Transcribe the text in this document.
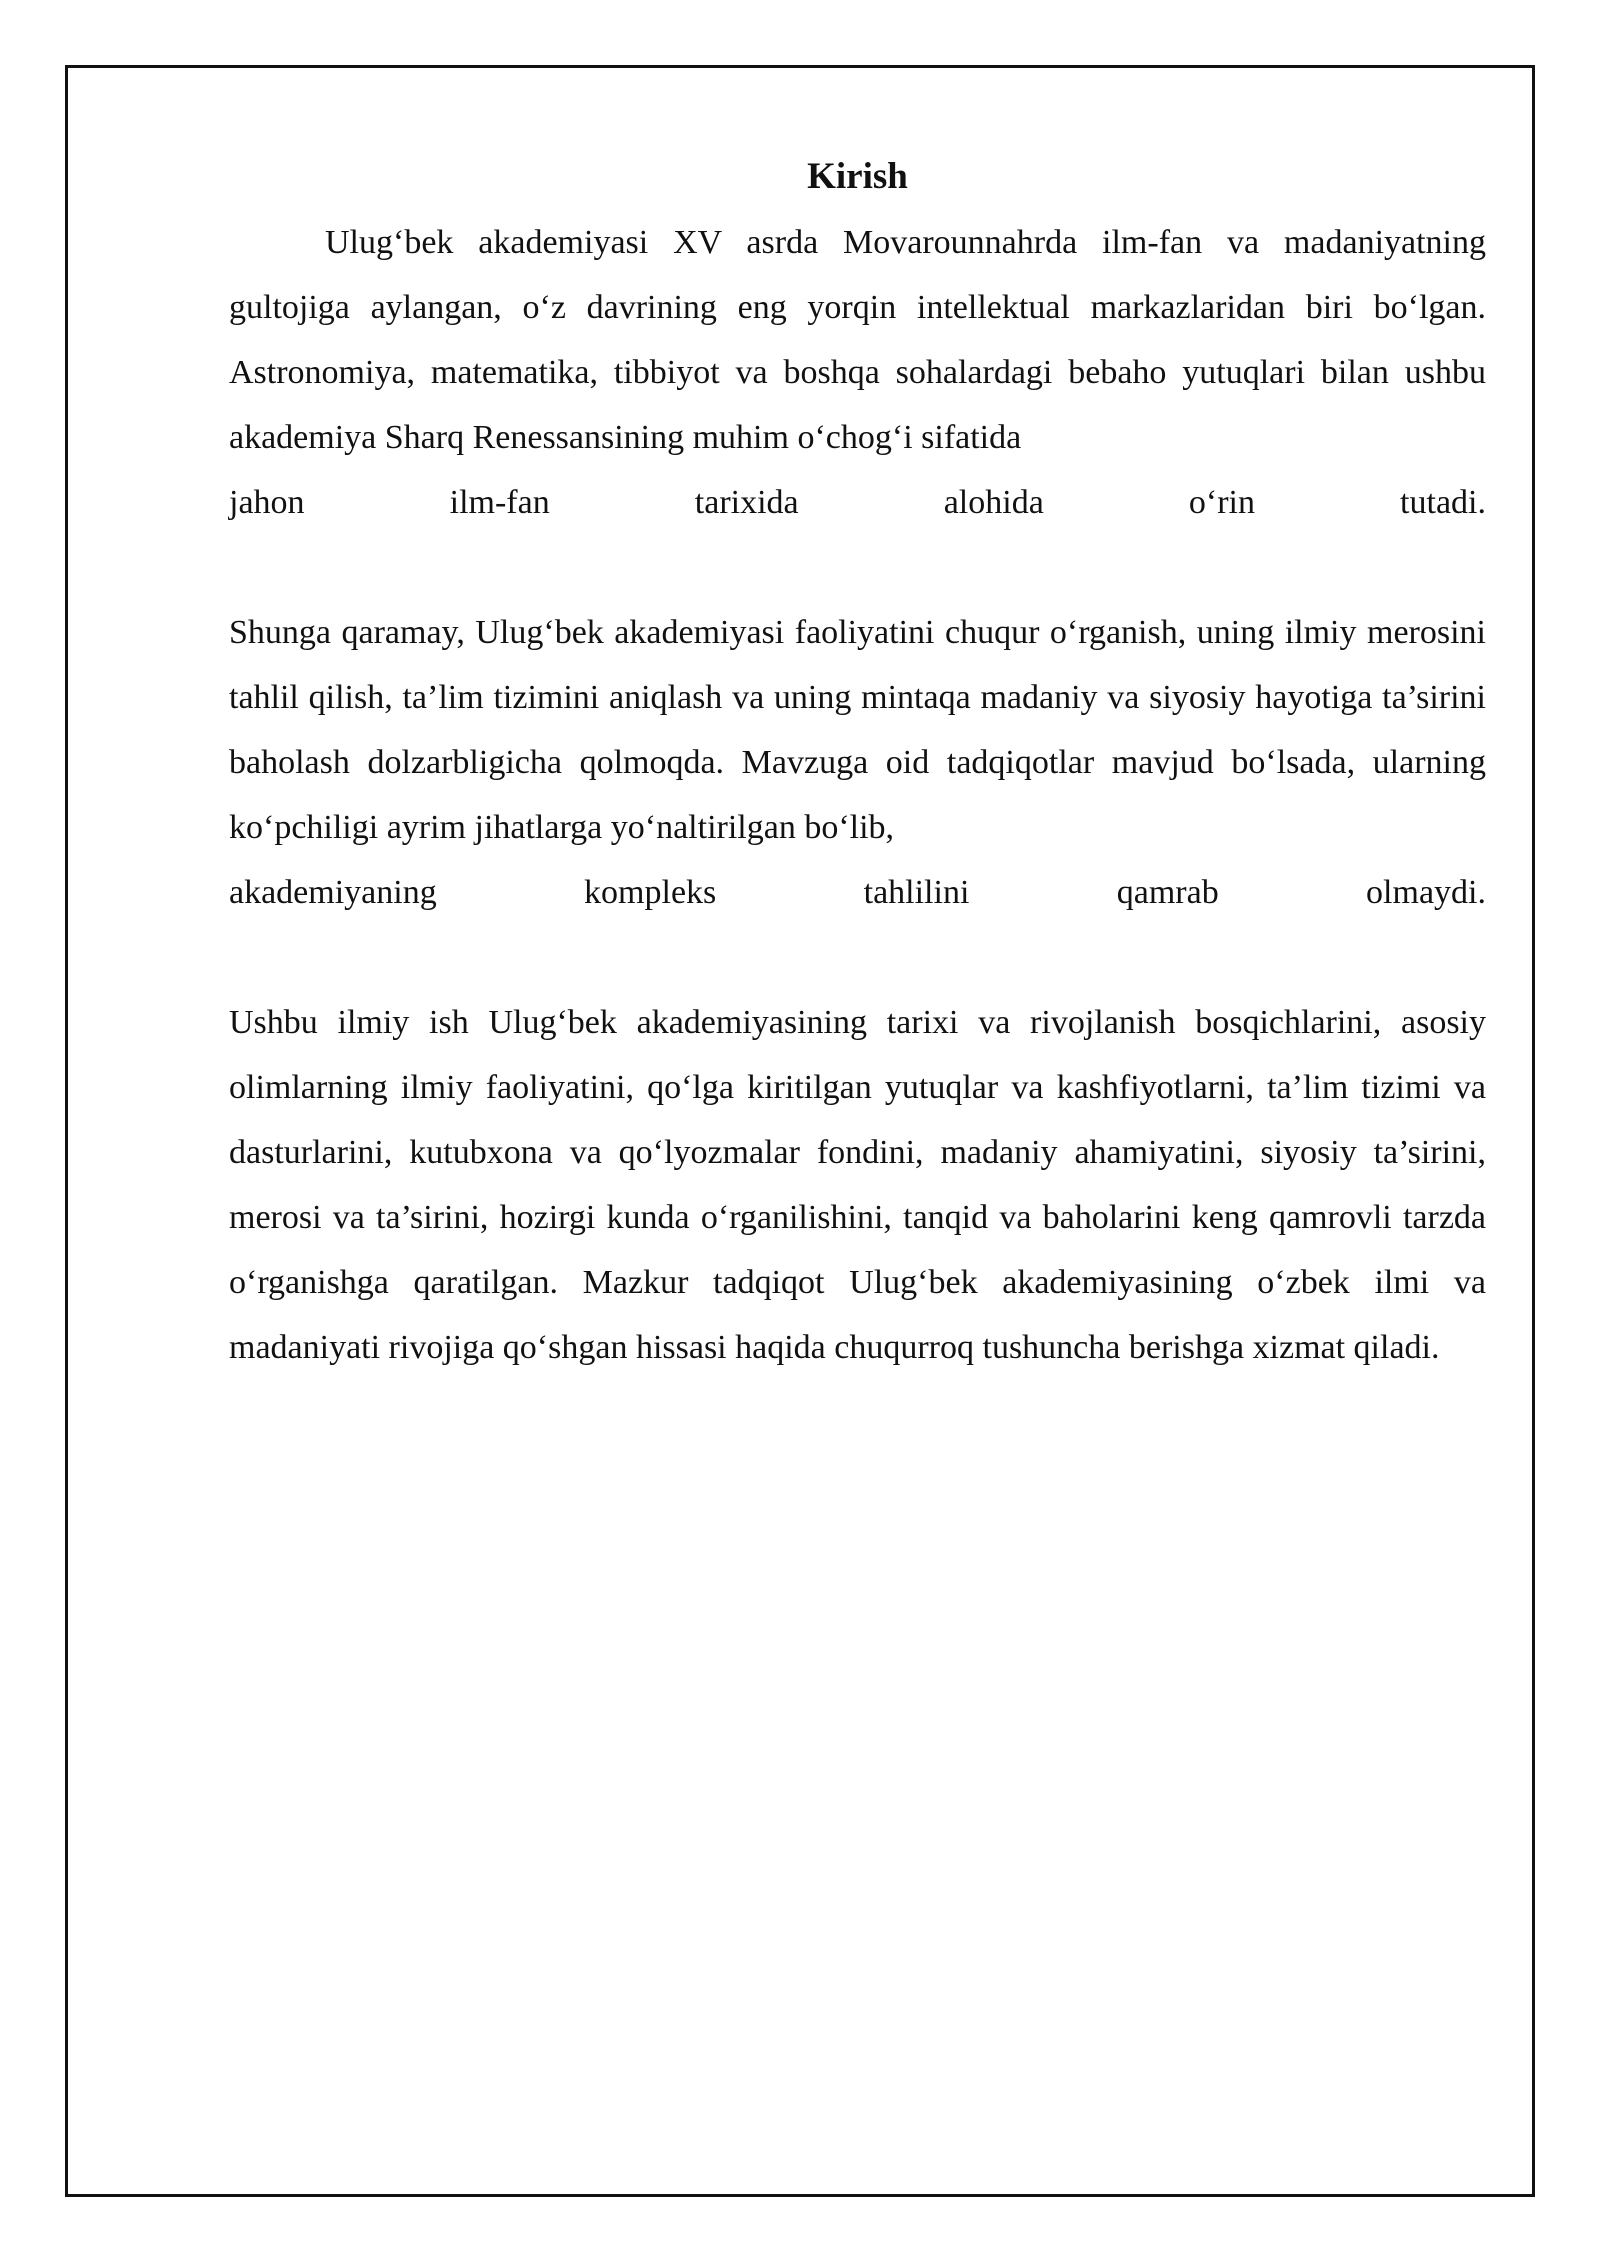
Kirish

Ulug‘bek akademiyasi XV asrda Movarounnahrda ilm-fan va madaniyatning gultojiga aylangan, o‘z davrining eng yorqin intellektual markazlaridan biri bo‘lgan. Astronomiya, matematika, tibbiyot va boshqa sohalardagi bebaho yutuqlari bilan ushbu akademiya Sharq Renessansining muhim o‘chog‘i sifatida

jahon ilm-fan tarixida alohida o‘rin tutadi.

Shunga qaramay, Ulug‘bek akademiyasi faoliyatini chuqur o‘rganish, uning ilmiy merosini tahlil qilish, ta’lim tizimini aniqlash va uning mintaqa madaniy va siyosiy hayotiga ta’sirini baholash dolzarbligicha qolmoqda. Mavzuga oid tadqiqotlar mavjud bo‘lsada, ularning ko‘pchiligi ayrim jihatlarga yo‘naltirilgan bo‘lib,

akademiyaning kompleks tahlilini qamrab olmaydi.

Ushbu ilmiy ish Ulug‘bek akademiyasining tarixi va rivojlanish bosqichlarini, asosiy olimlarning ilmiy faoliyatini, qo‘lga kiritilgan yutuqlar va kashfiyotlarni, ta’lim tizimi va dasturlarini, kutubxona va qo‘lyozmalar fondini, madaniy ahamiyatini, siyosiy ta’sirini, merosi va ta’sirini, hozirgi kunda o‘rganilishini, tanqid va baholarini keng qamrovli tarzda o‘rganishga qaratilgan. Mazkur tadqiqot Ulug‘bek akademiyasining o‘zbek ilmi va madaniyati rivojiga qo‘shgan hissasi haqida chuqurroq tushuncha berishga xizmat qiladi.
